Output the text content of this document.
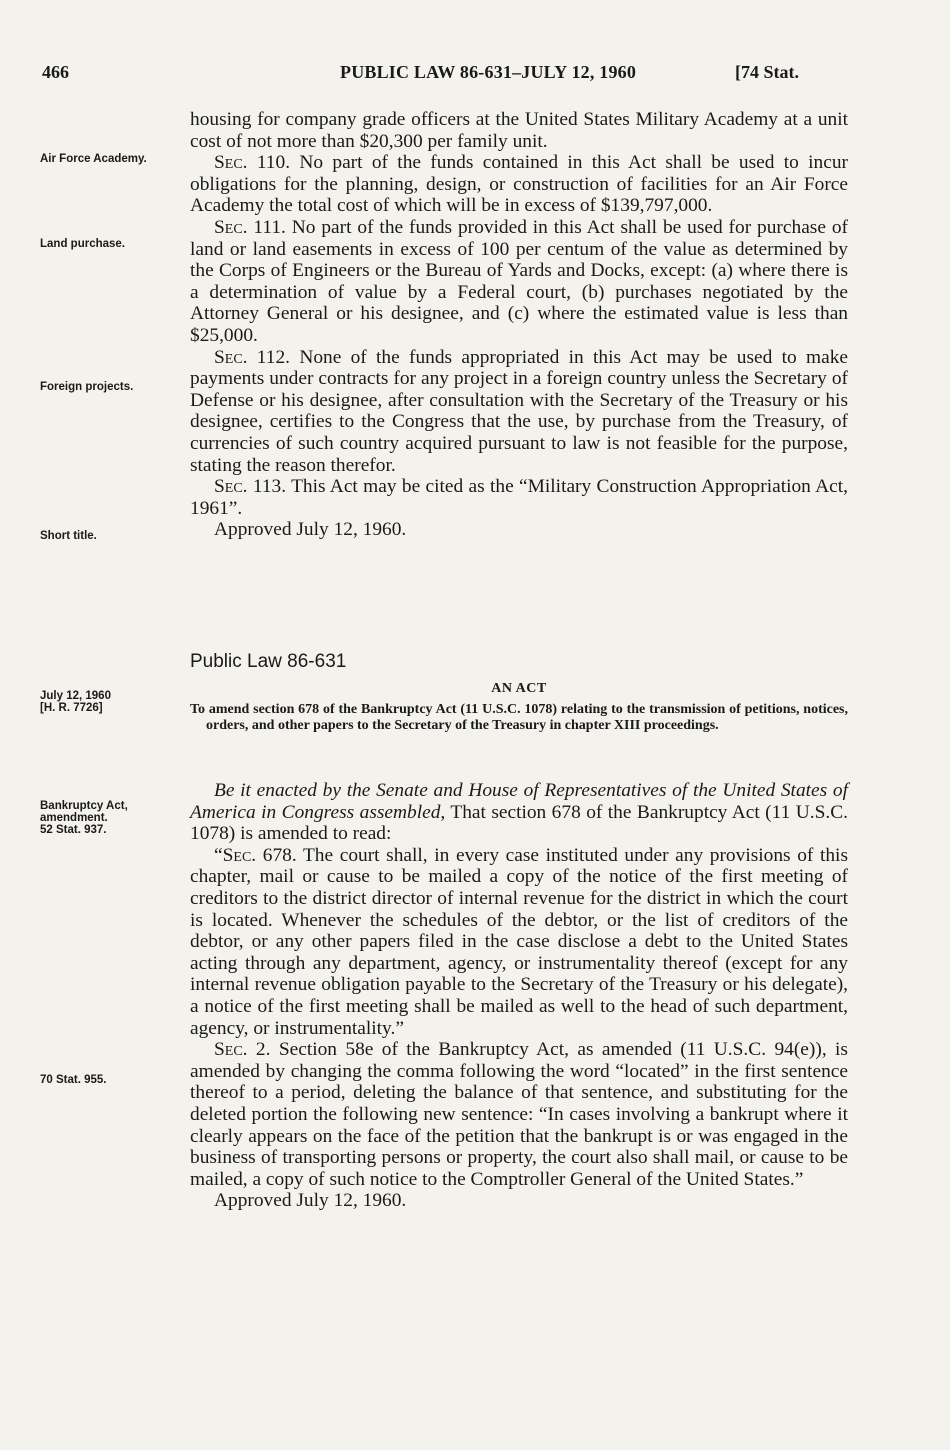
466	PUBLIC LAW 86-631–JULY 12, 1960	[74 Stat.
Air Force Academy.
Land purchase.
Foreign projects.
Short title.
July 12, 1960
[H. R. 7726]
Bankruptcy Act, amendment.
52 Stat. 937.
70 Stat. 955.

housing for company grade officers at the United States Military Academy at a unit cost of not more than $20,300 per family unit.

Sec. 110. No part of the funds contained in this Act shall be used to incur obligations for the planning, design, or construction of facilities for an Air Force Academy the total cost of which will be in excess of $139,797,000.

Sec. 111. No part of the funds provided in this Act shall be used for purchase of land or land easements in excess of 100 per centum of the value as determined by the Corps of Engineers or the Bureau of Yards and Docks, except: (a) where there is a determination of value by a Federal court, (b) purchases negotiated by the Attorney General or his designee, and (c) where the estimated value is less than $25,000.

Sec. 112. None of the funds appropriated in this Act may be used to make payments under contracts for any project in a foreign country unless the Secretary of Defense or his designee, after consultation with the Secretary of the Treasury or his designee, certifies to the Congress that the use, by purchase from the Treasury, of currencies of such country acquired pursuant to law is not feasible for the purpose, stating the reason therefor.

Sec. 113. This Act may be cited as the “Military Construction Appropriation Act, 1961”.

Approved July 12, 1960.

Public Law 86-631
AN ACT
To amend section 678 of the Bankruptcy Act (11 U.S.C. 1078) relating to the transmission of petitions, notices, orders, and other papers to the Secretary of the Treasury in chapter XIII proceedings.

Be it enacted by the Senate and House of Representatives of the United States of America in Congress assembled, That section 678 of the Bankruptcy Act (11 U.S.C. 1078) is amended to read:

“Sec. 678. The court shall, in every case instituted under any provisions of this chapter, mail or cause to be mailed a copy of the notice of the first meeting of creditors to the district director of internal revenue for the district in which the court is located. Whenever the schedules of the debtor, or the list of creditors of the debtor, or any other papers filed in the case disclose a debt to the United States acting through any department, agency, or instrumentality thereof (except for any internal revenue obligation payable to the Secretary of the Treasury or his delegate), a notice of the first meeting shall be mailed as well to the head of such department, agency, or instrumentality.”

Sec. 2. Section 58e of the Bankruptcy Act, as amended (11 U.S.C. 94(e)), is amended by changing the comma following the word “located” in the first sentence thereof to a period, deleting the balance of that sentence, and substituting for the deleted portion the following new sentence: “In cases involving a bankrupt where it clearly appears on the face of the petition that the bankrupt is or was engaged in the business of transporting persons or property, the court also shall mail, or cause to be mailed, a copy of such notice to the Comptroller General of the United States.”

Approved July 12, 1960.
